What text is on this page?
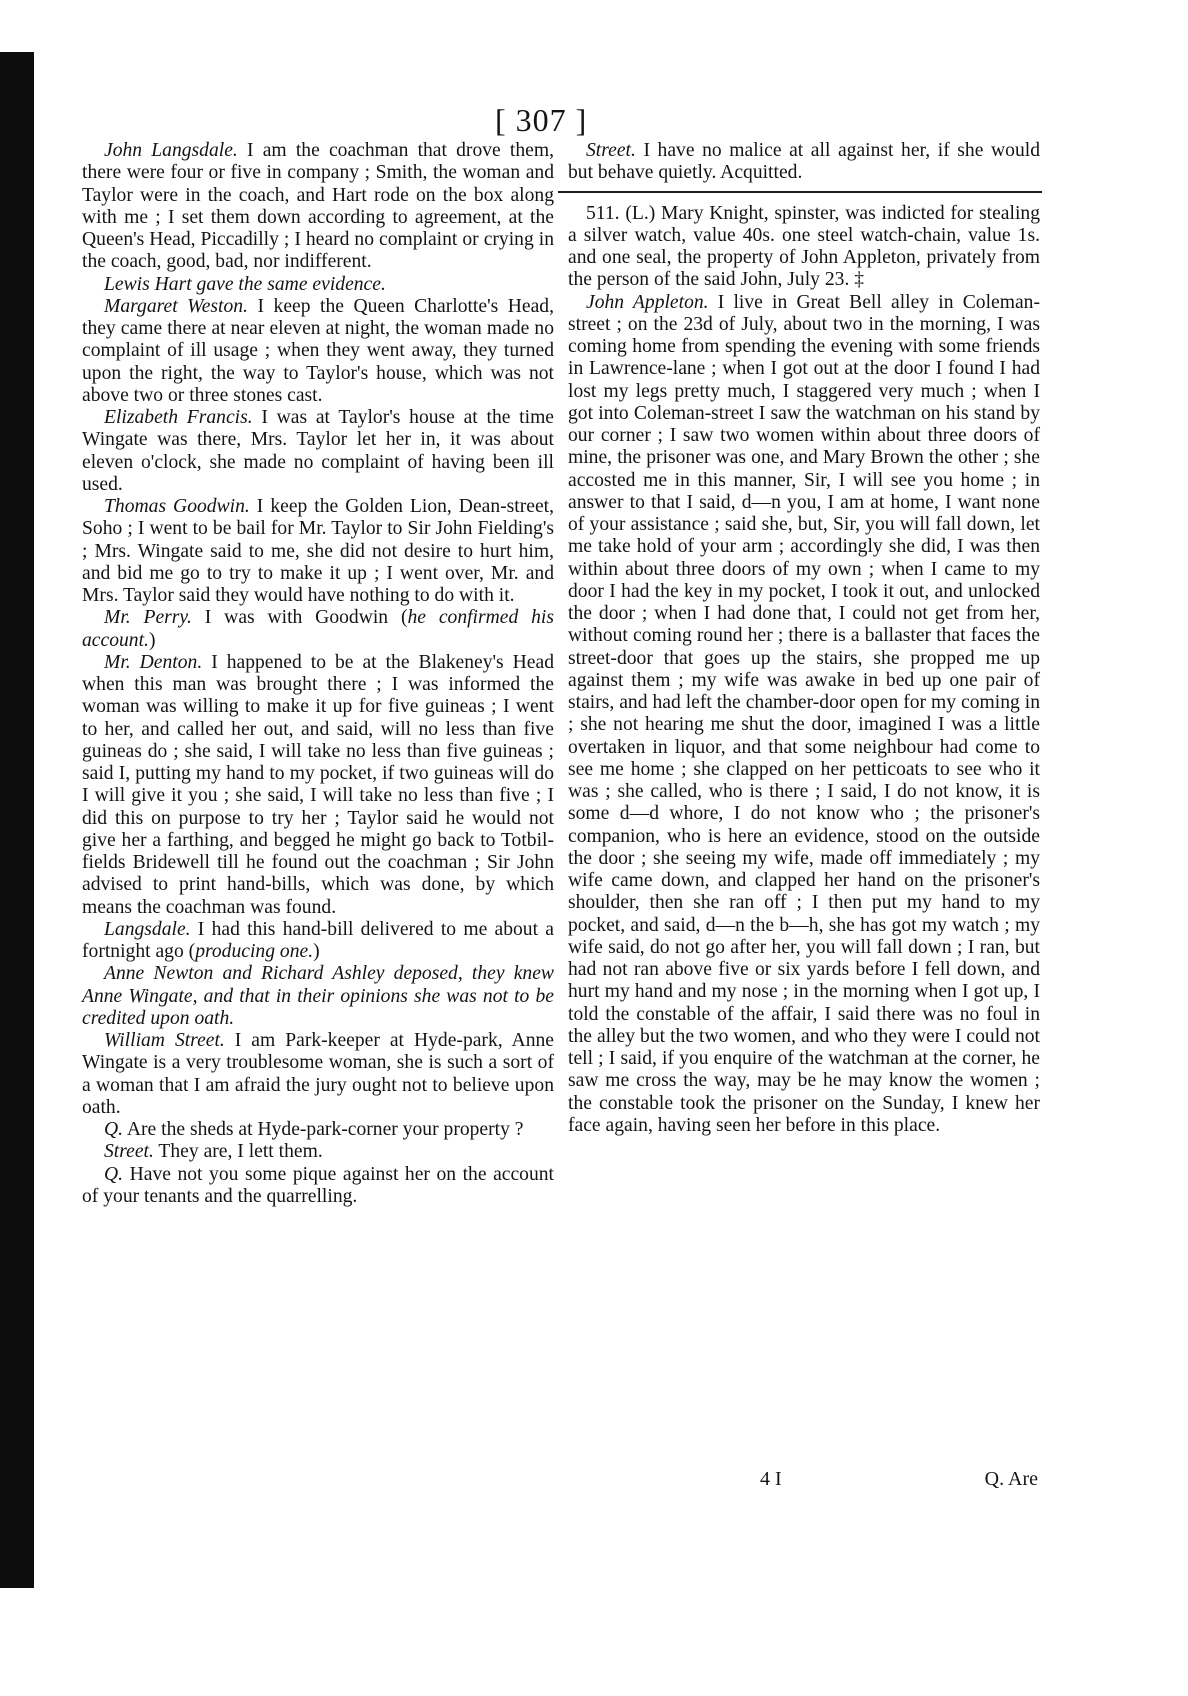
[ 307 ]

John Langsdale. I am the coachman that drove them, there were four or five in company ; Smith, the woman and Taylor were in the coach, and Hart rode on the box along with me ; I set them down according to agreement, at the Queen's Head, Piccadilly ; I heard no complaint or crying in the coach, good, bad, nor indifferent.

Lewis Hart gave the same evidence.

Margaret Weston. I keep the Queen Charlotte's Head, they came there at near eleven at night, the woman made no complaint of ill usage ; when they went away, they turned upon the right, the way to Taylor's house, which was not above two or three stones cast.

Elizabeth Francis. I was at Taylor's house at the time Wingate was there, Mrs. Taylor let her in, it was about eleven o'clock, she made no complaint of having been ill used.

Thomas Goodwin. I keep the Golden Lion, Dean-street, Soho ; I went to be bail for Mr. Taylor to Sir John Fielding's ; Mrs. Wingate said to me, she did not desire to hurt him, and bid me go to try to make it up ; I went over, Mr. and Mrs. Taylor said they would have nothing to do with it.

Mr. Perry. I was with Goodwin (he confirmed his account.)

Mr. Denton. I happened to be at the Blakeney's Head when this man was brought there ; I was informed the woman was willing to make it up for five guineas ; I went to her, and called her out, and said, will no less than five guineas do ; she said, I will take no less than five guineas ; said I, putting my hand to my pocket, if two guineas will do I will give it you ; she said, I will take no less than five ; I did this on purpose to try her ; Taylor said he would not give her a farthing, and begged he might go back to Totbil-fields Bridewell till he found out the coachman ; Sir John advised to print hand-bills, which was done, by which means the coachman was found.

Langsdale. I had this hand-bill delivered to me about a fortnight ago (producing one.)

Anne Newton and Richard Ashley deposed, they knew Anne Wingate, and that in their opinions she was not to be credited upon oath.

William Street. I am Park-keeper at Hyde-park, Anne Wingate is a very troublesome woman, she is such a sort of a woman that I am afraid the jury ought not to believe upon oath.

Q. Are the sheds at Hyde-park-corner your property ?

Street. They are, I lett them.

Q. Have not you some pique against her on the account of your tenants and the quarrelling.

Street. I have no malice at all against her, if she would but behave quietly. Acquitted.

511. (L.) Mary Knight, spinster, was indicted for stealing a silver watch, value 40s. one steel watch-chain, value 1s. and one seal, the property of John Appleton, privately from the person of the said John, July 23. ‡

John Appleton. I live in Great Bell alley in Coleman-street ; on the 23d of July, about two in the morning, I was coming home from spending the evening with some friends in Lawrence-lane ; when I got out at the door I found I had lost my legs pretty much, I staggered very much ; when I got into Coleman-street I saw the watchman on his stand by our corner ; I saw two women within about three doors of mine, the prisoner was one, and Mary Brown the other ; she accosted me in this manner, Sir, I will see you home ; in answer to that I said, d—n you, I am at home, I want none of your assistance ; said she, but, Sir, you will fall down, let me take hold of your arm ; accordingly she did, I was then within about three doors of my own ; when I came to my door I had the key in my pocket, I took it out, and unlocked the door ; when I had done that, I could not get from her, without coming round her ; there is a ballaster that faces the street-door that goes up the stairs, she propped me up against them ; my wife was awake in bed up one pair of stairs, and had left the chamber-door open for my coming in ; she not hearing me shut the door, imagined I was a little overtaken in liquor, and that some neighbour had come to see me home ; she clapped on her petticoats to see who it was ; she called, who is there ; I said, I do not know, it is some d—d whore, I do not know who ; the prisoner's companion, who is here an evidence, stood on the outside the door ; she seeing my wife, made off immediately ; my wife came down, and clapped her hand on the prisoner's shoulder, then she ran off ; I then put my hand to my pocket, and said, d—n the b—h, she has got my watch ; my wife said, do not go after her, you will fall down ; I ran, but had not ran above five or six yards before I fell down, and hurt my hand and my nose ; in the morning when I got up, I told the constable of the affair, I said there was no foul in the alley but the two women, and who they were I could not tell ; I said, if you enquire of the watchman at the corner, he saw me cross the way, may be he may know the women ; the constable took the prisoner on the Sunday, I knew her face again, having seen her before in this place.

4 I	Q. Are
